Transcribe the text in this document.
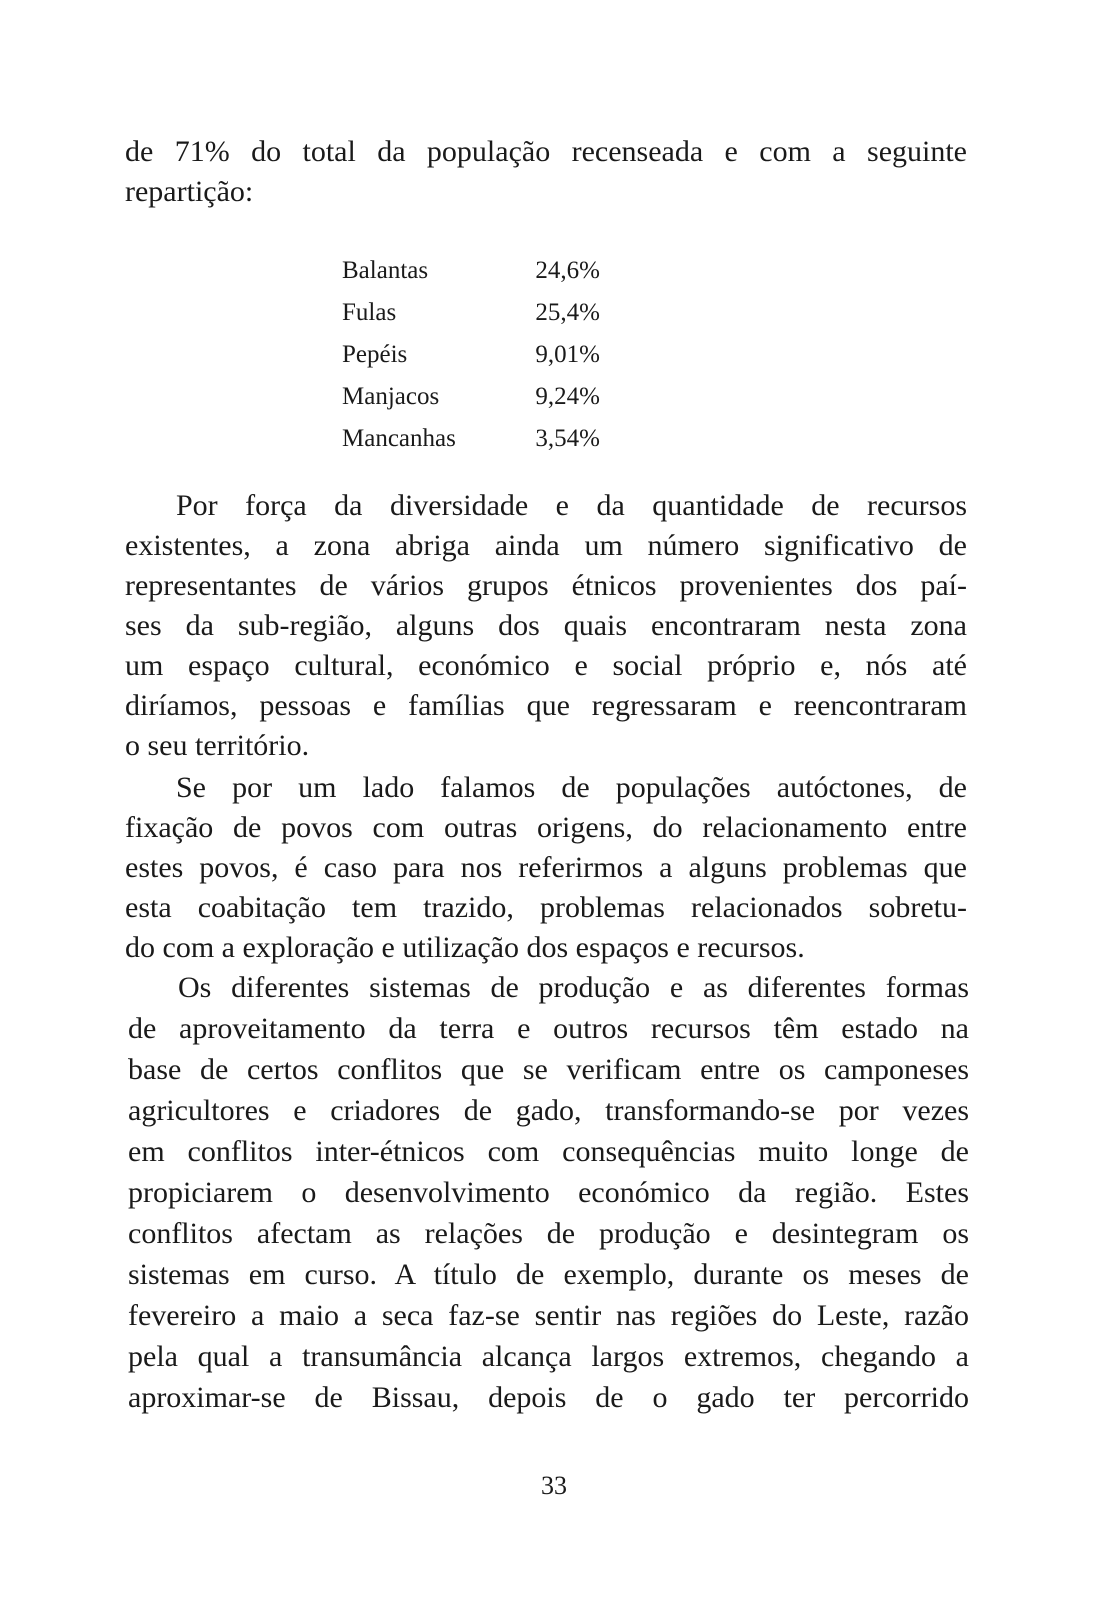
de 71% do total da população recenseada e com a seguinte
repartição:
Balantas	24,6%
Fulas	25,4%
Pepéis	9,01%
Manjacos	9,24%
Mancanhas	3,54%
Por força da diversidade e da quantidade de recursos
existentes, a zona abriga ainda um número significativo de
representantes de vários grupos étnicos provenientes dos paí-
ses da sub-região, alguns dos quais encontraram nesta zona
um espaço cultural, económico e social próprio e, nós até
diríamos, pessoas e famílias que regressaram e reencontraram
o seu território.
Se por um lado falamos de populações autóctones, de
fixação de povos com outras origens, do relacionamento entre
estes povos, é caso para nos referirmos a alguns problemas que
esta coabitação tem trazido, problemas relacionados sobretu-
do com a exploração e utilização dos espaços e recursos.
Os diferentes sistemas de produção e as diferentes formas
de aproveitamento da terra e outros recursos têm estado na
base de certos conflitos que se verificam entre os camponeses
agricultores e criadores de gado, transformando-se por vezes
em conflitos inter-étnicos com consequências muito longe de
propiciarem o desenvolvimento económico da região. Estes
conflitos afectam as relações de produção e desintegram os
sistemas em curso. A título de exemplo, durante os meses de
fevereiro a maio a seca faz-se sentir nas regiões do Leste, razão
pela qual a transumância alcança largos extremos, chegando a
aproximar-se de Bissau, depois de o gado ter percorrido
33
